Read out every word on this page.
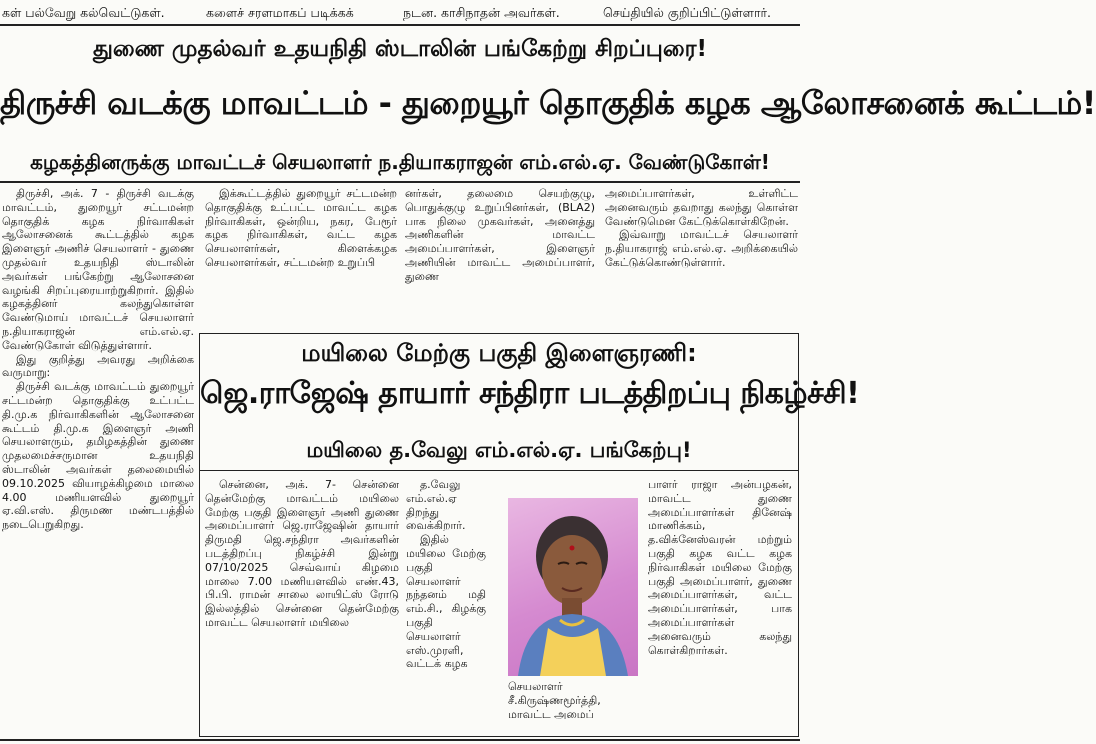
கள் பல்வேறு கல்வெட்டுகள்.	களைச் சரளமாகப் படிக்கக்	நடன. காசிநாதன் அவர்கள்.	செய்தியில் குறிப்பிட்டுள்ளார்.
துணை முதல்வர் உதயநிதி ஸ்டாலின் பங்கேற்று சிறப்புரை!
திருச்சி வடக்கு மாவட்டம் - துறையூர் தொகுதிக் கழக ஆலோசனைக் கூட்டம்!
கழகத்தினருக்கு மாவட்டச் செயலாளர் ந.தியாகராஜன் எம்.எல்.ஏ. வேண்டுகோள்!

திருச்சி, அக். 7 - திருச்சி வடக்கு மாவட்டம், துறையூர் சட்டமன்ற தொகுதிக் கழக நிர்வாகிகள் ஆலோசனைக் கூட்டத்தில் கழக இளைஞர் அணிச் செயலாளர் - துணை முதல்வர் உதயநிதி ஸ்டாலின் அவர்கள் பங்கேற்று ஆலோசனை வழங்கி சிறப்புரையாற்றுகிறார். இதில் கழகத்தினர் கலந்துகொள்ள வேண்டுமாய் மாவட்டச் செயலாளர் ந.தியாகராஜன் எம்.எல்.ஏ. வேண்டுகோள் விடுத்துள்ளார்.

இது குறித்து அவரது அறிக்கை வருமாறு:

திருச்சி வடக்கு மாவட்டம் துறையூர் சட்டமன்ற தொகுதிக்கு உட்பட்ட தி.மு.க நிர்வாகிகளின் ஆலோசனை கூட்டம் தி.மு.க இளைஞர் அணி செயலாளரும், தமிழகத்தின் துணை முதலமைச்சருமான உதயநிதி ஸ்டாலின் அவர்கள் தலைமையில் 09.10.2025 வியாழக்கிழமை மாலை 4.00 மணியளவில் துறையூர் ஏ.வி.எஸ். திருமண மண்டபத்தில் நடைபெறுகிறது.

இக்கூட்டத்தில் துறையூர் சட்டமன்ற தொகுதிக்கு உட்பட்ட மாவட்ட கழக நிர்வாகிகள், ஒன்றிய, நகர, பேரூர் கழக நிர்வாகிகள், வட்ட கழக செயலாளர்கள், கிளைக்கழக செயலாளர்கள், சட்டமன்ற உறுப்பி

னர்கள், தலைமை செயற்குழு, பொதுக்குழு உறுப்பினர்கள், (BLA2) பாக நிலை முகவர்கள், அனைத்து அணிகளின் மாவட்ட அமைப்பாளர்கள், இளைஞர் அணியின் மாவட்ட அமைப்பாளர், துணை

அமைப்பாளர்கள், உள்ளிட்ட அனைவரும் தவறாது கலந்து கொள்ள வேண்டுமென கேட்டுக்கொள்கிறேன்.

இவ்வாறு மாவட்டச் செயலாளர் ந.தியாகராஜ் எம்.எல்.ஏ. அறிக்கையில் கேட்டுக்கொண்டுள்ளார்.

மயிலை மேற்கு பகுதி இளைஞரணி:
ஜெ.ராஜேஷ் தாயார் சந்திரா படத்திறப்பு நிகழ்ச்சி!
மயிலை த.வேலு எம்.எல்.ஏ. பங்கேற்பு!

சென்னை, அக். 7- சென்னை தென்மேற்கு மாவட்டம் மயிலை மேற்கு பகுதி இளைஞர் அணி துணை அமைப்பாளர் ஜெ.ராஜேஷின் தாயார் திருமதி ஜெ.சந்திரா அவர்களின் படத்திறப்பு நிகழ்ச்சி இன்று 07/10/2025 செவ்வாய் கிழமை மாலை 7.00 மணியளவில் எண்.43, பி.பி. ராமன் சாலை லாயிட்ஸ் ரோடு இல்லத்தில் சென்னை தென்மேற்கு மாவட்ட செயலாளர் மயிலை

த.வேலு எம்.எல்.ஏ திறந்து வைக்கிறார்.

இதில் மயிலை மேற்கு பகுதி செயலாளர் நந்தனம் மதி எம்.சி., கிழக்கு பகுதி செயலாளர் எஸ்.முரளி, வட்டக் கழக

செயலாளர் சீ.கிருஷ்ணமூர்த்தி, மாவட்ட அமைப்

பாளர் ராஜா அன்பழகன், மாவட்ட துணை அமைப்பாளர்கள் தினேஷ் மாணிக்கம், த.விக்னேஸ்வரன் மற்றும் பகுதி கழக வட்ட கழக நிர்வாகிகள் மயிலை மேற்கு பகுதி அமைப்பாளர், துணை அமைப்பாளர்கள், வட்ட அமைப்பாளர்கள், பாக அமைப்பாளர்கள் அனைவரும் கலந்து கொள்கிறார்கள்.
